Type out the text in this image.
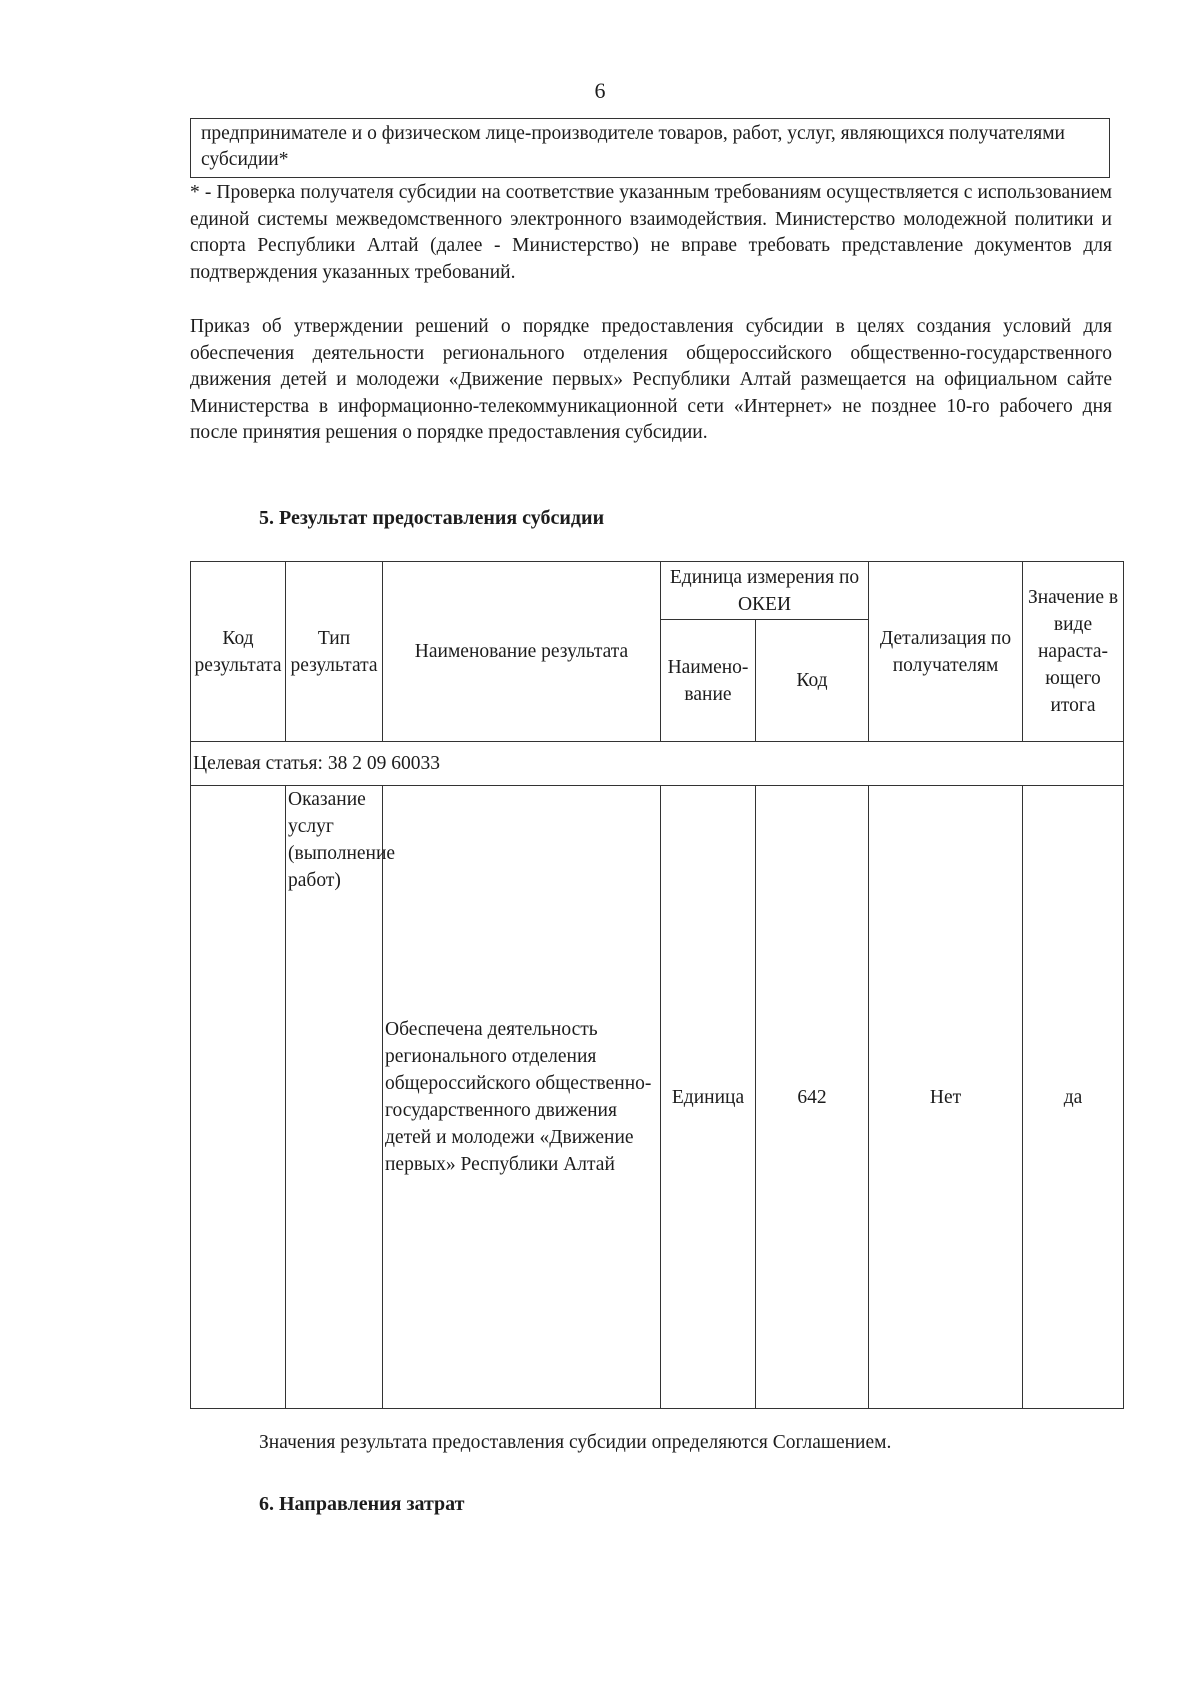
6
предпринимателе и о физическом лице-производителе товаров, работ, услуг, являющихся получателями субсидии*
* - Проверка получателя субсидии на соответствие указанным требованиям осуществляется с использованием единой системы межведомственного электронного взаимодействия. Министерство молодежной политики и спорта Республики Алтай (далее - Министерство) не вправе требовать представление документов для подтверждения указанных требований.
Приказ об утверждении решений о порядке предоставления субсидии в целях создания условий для обеспечения деятельности регионального отделения общероссийского общественно-государственного движения детей и молодежи «Движение первых» Республики Алтай размещается на официальном сайте Министерства в информационно-телекоммуникационной сети «Интернет» не позднее 10-го рабочего дня после принятия решения о порядке предоставления субсидии.
5. Результат предоставления субсидии
Код результата	Тип результата	Наименование результата	Единица измерения по ОКЕИ		Детализация по получателям	Значение в виде нараста-ющего итога
			Наимено-вание	Код		
Целевая статья: 38 2 09 60033						
	Оказание услуг (выполнение работ)	Обеспечена деятельность регионального отделения общероссийского общественно-государственного движения детей и молодежи «Движение первых» Республики Алтай	Единица	642	Нет	да
Значения результата предоставления субсидии определяются Соглашением.
6. Направления затрат
